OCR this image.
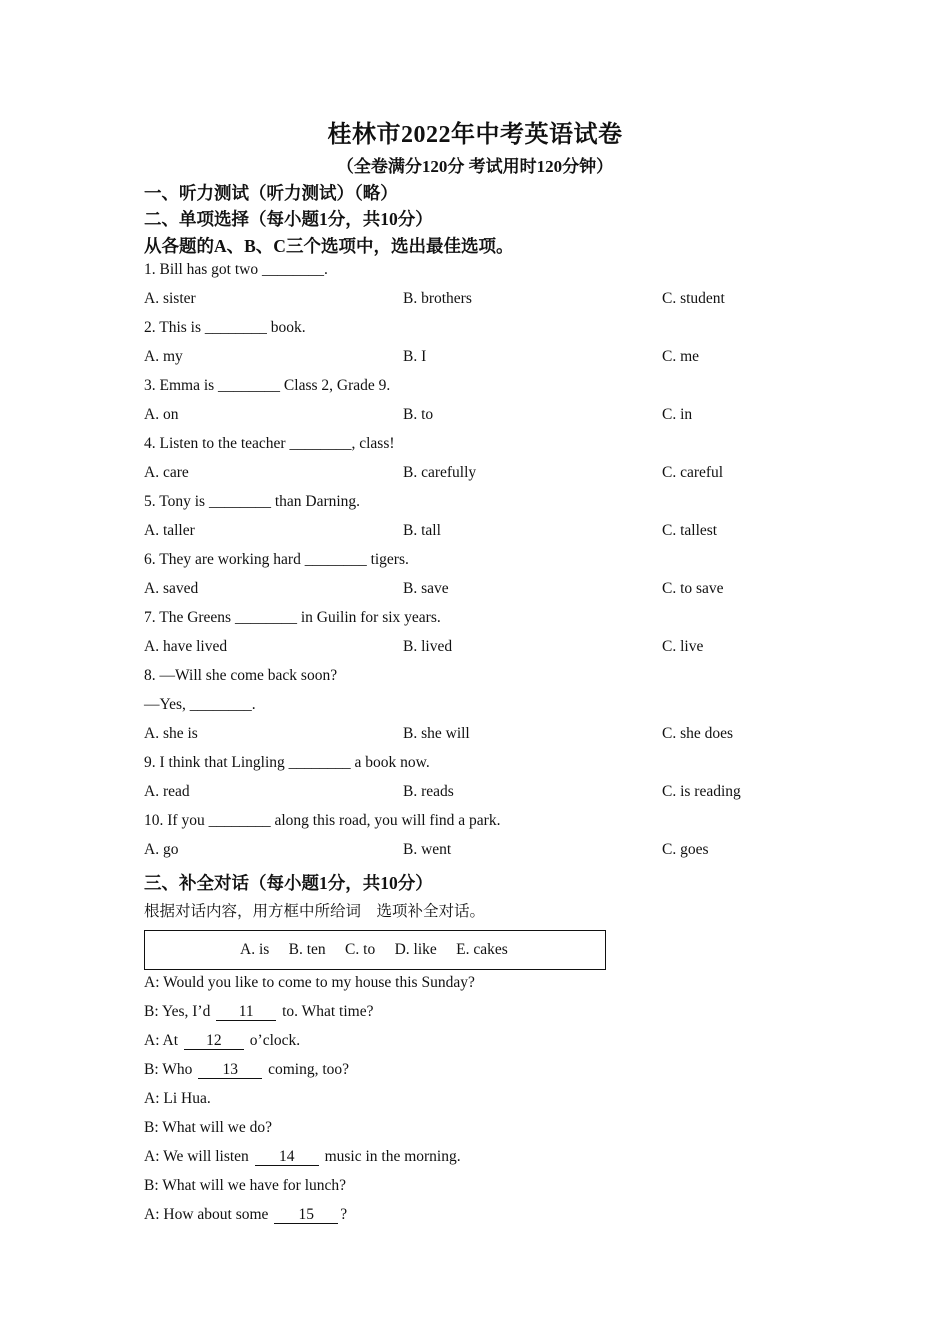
桂林市2022年中考英语试卷
（全卷满分120分 考试用时120分钟）
一、听力测试（听力测试）（略）
二、单项选择（每小题1分，共10分）
从各题的A、B、C三个选项中，选出最佳选项。
1. Bill has got two ________.
A. sister	B. brothers	C. student
2. This is ________ book.
A. my	B. I	C. me
3. Emma is ________ Class 2, Grade 9.
A. on	B. to	C. in
4. Listen to the teacher ________, class!
A. care	B. carefully	C. careful
5. Tony is ________ than Darning.
A. taller	B. tall	C. tallest
6. They are working hard ________ tigers.
A. saved	B. save	C. to save
7. The Greens ________ in Guilin for six years.
A. have lived	B. lived	C. live
8. —Will she come back soon?
—Yes, ________.
A. she is	B. she will	C. she does
9. I think that Lingling ________ a book now.
A. read	B. reads	C. is reading
10. If you ________ along this road, you will find a park.
A. go	B. went	C. goes
三、补全对话（每小题1分，共10分）
根据对话内容，用方框中所给词　选项补全对话。
A. is　 B. ten　 C. to　 D. like　 E. cakes
A: Would you like to come to my house this Sunday?
B: Yes, I’d 11 to. What time?
A: At 12 o’clock.
B: Who 13 coming, too?
A: Li Hua.
B: What will we do?
A: We will listen 14 music in the morning.
B: What will we have for lunch?
A: How about some 15 ?
